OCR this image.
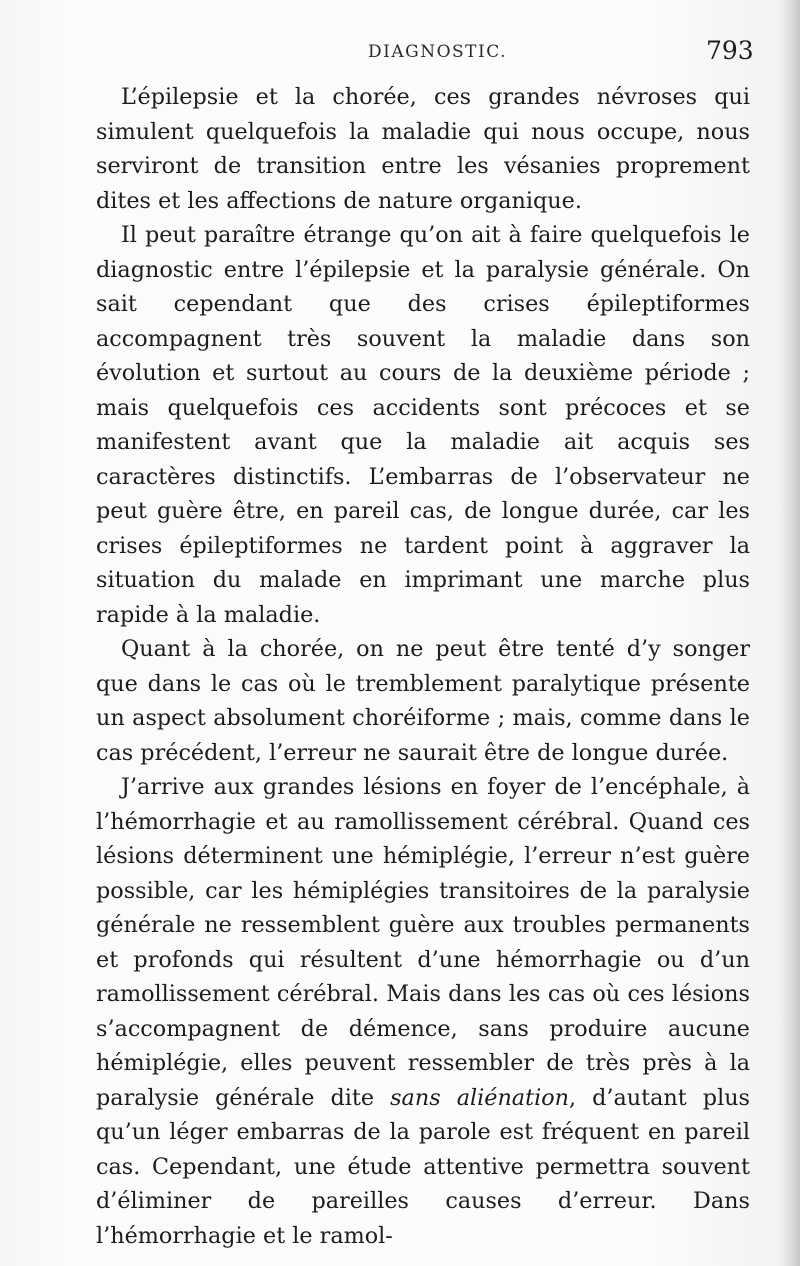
DIAGNOSTIC.	793

L’épilepsie et la chorée, ces grandes névroses qui simulent quelquefois la maladie qui nous occupe, nous serviront de transition entre les vésanies proprement dites et les affections de nature organique.

Il peut paraître étrange qu’on ait à faire quelquefois le diagnostic entre l’épilepsie et la paralysie générale. On sait cependant que des crises épileptiformes accompagnent très souvent la maladie dans son évolution et surtout au cours de la deuxième période ; mais quelquefois ces accidents sont précoces et se manifestent avant que la maladie ait acquis ses caractères distinctifs. L’embarras de l’observateur ne peut guère être, en pareil cas, de longue durée, car les crises épileptiformes ne tardent point à aggraver la situation du malade en imprimant une marche plus rapide à la maladie.

Quant à la chorée, on ne peut être tenté d’y songer que dans le cas où le tremblement paralytique présente un aspect absolument choréiforme ; mais, comme dans le cas précédent, l’erreur ne saurait être de longue durée.

J’arrive aux grandes lésions en foyer de l’encéphale, à l’hémorrhagie et au ramollissement cérébral. Quand ces lésions déterminent une hémiplégie, l’erreur n’est guère possible, car les hémiplégies transitoires de la paralysie générale ne ressemblent guère aux troubles permanents et profonds qui résultent d’une hémorrhagie ou d’un ramollissement cérébral. Mais dans les cas où ces lésions s’accompagnent de démence, sans produire aucune hémiplégie, elles peuvent ressembler de très près à la paralysie générale dite sans aliénation, d’autant plus qu’un léger embarras de la parole est fréquent en pareil cas. Cependant, une étude attentive permettra souvent d’éliminer de pareilles causes d’erreur. Dans l’hémorrhagie et le ramol-
